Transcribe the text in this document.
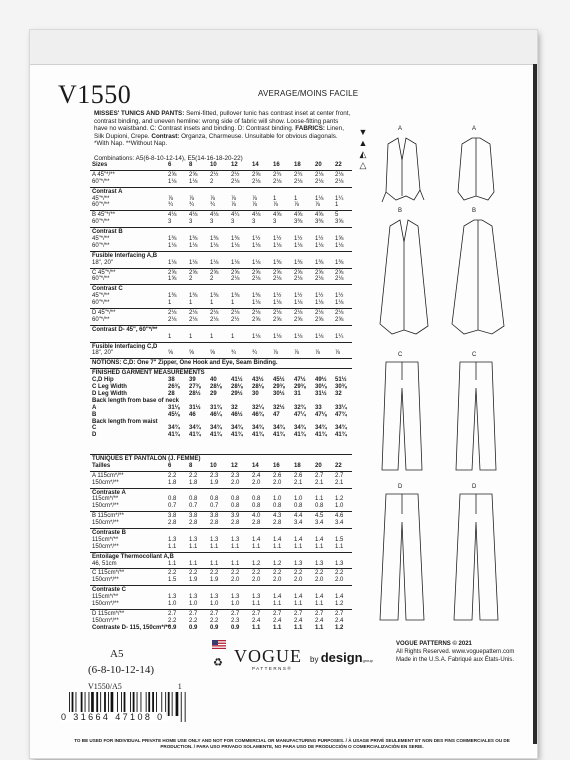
V1550	AVERAGE/MOINS FACILE
MISSES' TUNICS AND PANTS: Semi-fitted, pullover tunic has contrast inset at center front, contrast binding, and uneven hemline: wrong side of fabric will show. Loose-fitting pants have no waistband. C: Contrast insets and binding. D: Contrast binding. FABRICS: Linen, Silk Dupioni, Crepe. Contrast: Organza, Charmeuse. Unsuitable for obvious diagonals. *With Nap. **Without Nap.
Combinations: A5(6-8-10-12-14), E5(14-16-18-20-22)
▼
▲
◭
△
Sizes	6	8	10	12	14	16	18	20	22
A 45"*/**	2⅝	2⅝	2½	2½	2⅝	2¾	2¾	2⅛	2⅛
60"*/**	1⅛	1⅛	2	2⅛	2⅛	2⅛	2⅛	2⅛	2⅛
Contrast A
45"*/**	⅞	⅞	⅞	⅞	⅞	1	1	1⅛	1¼
60"*/**	¾	¾	¾	⅞	⅞	⅞	⅞	⅞	1
B 45"*/**	4⅛	4⅛	4⅛	4¼	4⅛	4⅝	4⅝	4⅝	5
60"*/**	3	3	3	3	3	3	3⅜	3⅜	3⅝
Contrast B
45"*/**	1⅜	1⅜	1⅜	1⅜	1½	1½	1½	1½	1⅝
60"*/**	1⅛	1⅛	1⅛	1⅛	1⅛	1⅛	1⅛	1⅛	1⅛
Fusible Interfacing A,B
18", 20"	1⅛	1⅛	1⅛	1⅛	1⅛	1⅜	1⅜	1⅜	1⅜
C 45"*/**	2⅝	2⅝	2⅝	2⅝	2⅝	2⅝	2⅝	2⅝	2⅝
60"*/**	1⅝	2	2	2⅛	2⅛	2⅛	2⅛	2⅛	2⅛
Contrast C
45"*/**	1⅜	1⅜	1⅜	1⅜	1⅜	1½	1½	1½	1½
60"*/**	1	1	1	1	1⅛	1⅛	1⅛	1⅛	1⅛
D 45"*/**	2⅛	2⅛	2⅛	2⅛	2⅛	2⅛	2⅛	2⅛	2⅛
60"*/**	2⅛	2⅛	2⅛	2½	2⅝	2⅝	2⅝	2⅝	2⅝
Contrast D- 45", 60"*/**
1	1	1	1	1⅛	1⅛	1⅛	1⅛	1¼
Fusible Interfacing C,D
18", 20"	⅝	⅝	⅝	¾	¾	⅞	⅞	⅞	⅞
NOTIONS: C,D: One 7" Zipper, One Hook and Eye, Seam Binding.
FINISHED GARMENT MEASUREMENTS
C,D Hip	38	39	40	41½	43½	45½	47½	49½	51½
C Leg Width	26⅜	27⅜	28⅛	28⅛	28⅛	29⅜	29⅜	30⅛	30⅜
D Leg Width	28	28½	29	29½	30	30½	31	31½	32
Back length from base of neck
A	31⅛	31½	31¾	32	32¼	32½	32¾	33	33¼
B	45⅛	46	46¼	46½	46¾	47	47¼	47⅛	47¾
Back length from waist
C	34¾	34¾	34¾	34¾	34¾	34¾	34¾	34¾	34¾
D	41¾	41¾	41¾	41¾	41¾	41¾	41¾	41¾	41¾
TUNIQUES ET PANTALON (J. FEMME)
Tailles	6	8	10	12	14	16	18	20	22
A 115cm*/**	2.2	2.2	2.3	2.3	2.4	2.6	2.6	2.7	2.7
150cm*/**	1.8	1.8	1.9	2.0	2.0	2.0	2.1	2.1	2.1
Contraste A
115cm*/**	0.8	0.8	0.8	0.8	0.8	1.0	1.0	1.1	1.2
150cm*/**	0.7	0.7	0.7	0.8	0.8	0.8	0.8	0.8	1.0
B 115cm*/**	3.8	3.8	3.8	3.9	4.0	4.3	4.4	4.5	4.6
150cm*/**	2.8	2.8	2.8	2.8	2.8	2.8	3.4	3.4	3.4
Contraste B
115cm*/**	1.3	1.3	1.3	1.3	1.4	1.4	1.4	1.4	1.5
150cm*/**	1.1	1.1	1.1	1.1	1.1	1.1	1.1	1.1	1.1
Entoilage Thermocollant A,B
46, 51cm	1.1	1.1	1.1	1.1	1.2	1.2	1.3	1.3	1.3
C 115cm*/**	2.2	2.2	2.2	2.2	2.2	2.2	2.2	2.2	2.2
150cm*/**	1.5	1.9	1.9	2.0	2.0	2.0	2.0	2.0	2.0
Contraste C
115cm*/**	1.3	1.3	1.3	1.3	1.3	1.4	1.4	1.4	1.4
150cm*/**	1.0	1.0	1.0	1.0	1.1	1.1	1.1	1.1	1.2
D 115cm*/**	2.7	2.7	2.7	2.7	2.7	2.7	2.7	2.7	2.7
150cm*/**	2.2	2.2	2.2	2.3	2.4	2.4	2.4	2.4	2.4
Contraste D- 115, 150cm*/**
0.9	0.9	0.9	0.9	1.1	1.1	1.1	1.1	1.2
A	A
B	B
C	C
D	D
A5
(6-8-10-12-14)
V1550/A5	1
0 31664 47108 0
♻ VOGUE
PATTERNS®
by designgroup
VOGUE PATTERNS © 2021
All Rights Reserved. www.voguepattern.com
Made in the U.S.A. Fabriqué aux États-Unis.
TO BE USED FOR INDIVIDUAL PRIVATE HOME USE ONLY AND NOT FOR COMMERCIAL OR MANUFACTURING PURPOSES. / À USAGE PRIVÉ SEULEMENT ET NON DES FINS COMMERCIALES OU DE PRODUCTION. / PARA USO PRIVADO SOLAMENTE, NO PARA USO DE PRODUCCIÓN O COMERCIALIZACIÓN EN SERIE.
